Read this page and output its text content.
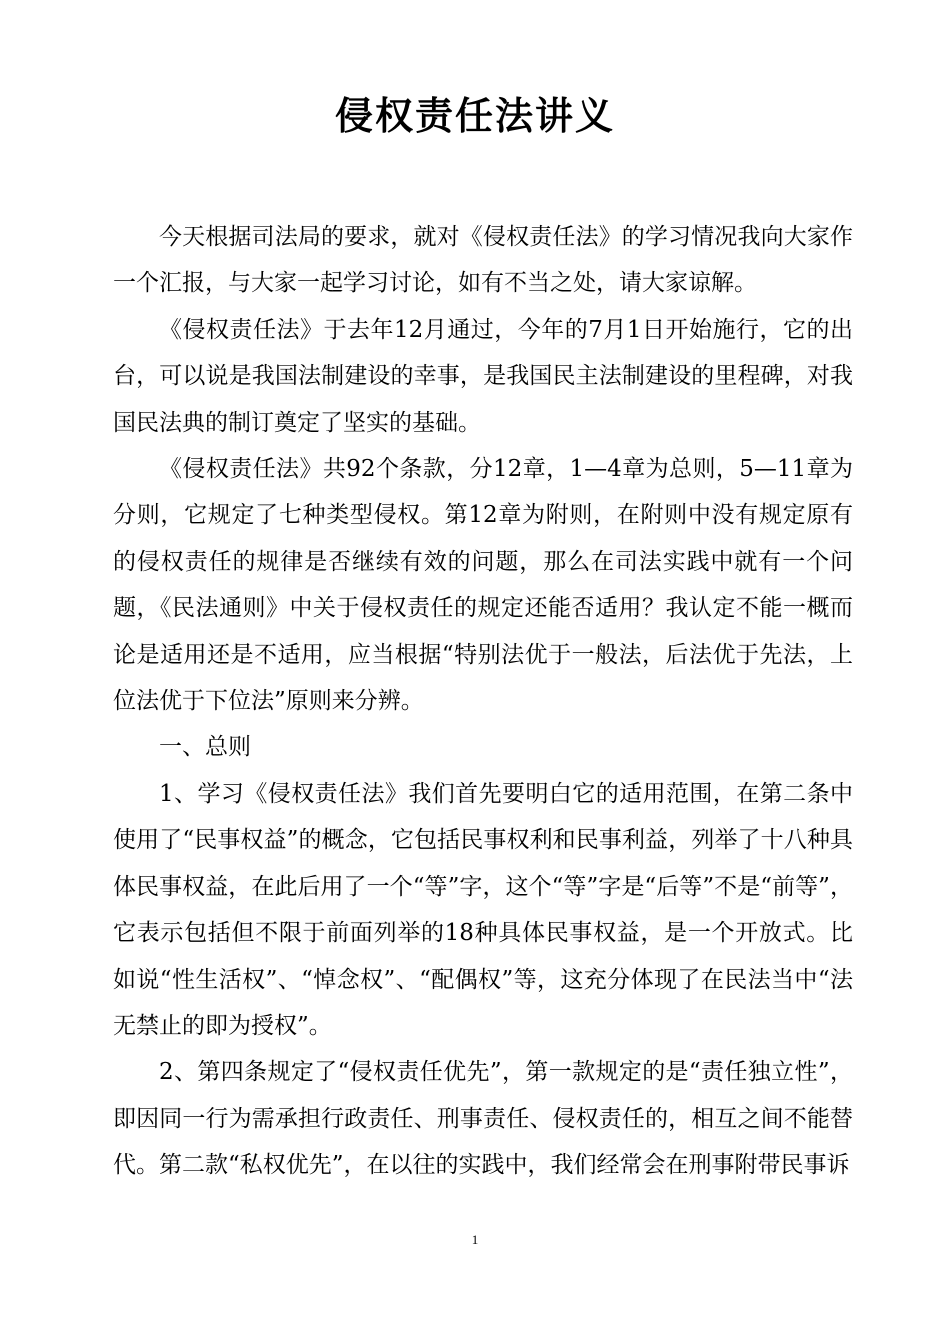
侵权责任法讲义

今天根据司法局的要求，就对《侵权责任法》的学习情况我向大家作一个汇报，与大家一起学习讨论，如有不当之处，请大家谅解。

《侵权责任法》于去年12月通过，今年的7月1日开始施行，它的出台，可以说是我国法制建设的幸事，是我国民主法制建设的里程碑，对我国民法典的制订奠定了坚实的基础。

《侵权责任法》共92个条款，分12章，1—4章为总则，5—11章为分则，它规定了七种类型侵权。第12章为附则，在附则中没有规定原有的侵权责任的规律是否继续有效的问题，那么在司法实践中就有一个问题，《民法通则》中关于侵权责任的规定还能否适用？我认定不能一概而论是适用还是不适用，应当根据“特别法优于一般法，后法优于先法，上位法优于下位法”原则来分辨。

一、总则

1、学习《侵权责任法》我们首先要明白它的适用范围，在第二条中使用了“民事权益”的概念，它包括民事权利和民事利益，列举了十八种具体民事权益，在此后用了一个“等”字，这个“等”字是“后等”不是“前等”，它表示包括但不限于前面列举的18种具体民事权益，是一个开放式。比如说“性生活权”、“悼念权”、“配偶权”等，这充分体现了在民法当中“法无禁止的即为授权”。

2、第四条规定了“侵权责任优先”，第一款规定的是“责任独立性”，即因同一行为需承担行政责任、刑事责任、侵权责任的，相互之间不能替代。第二款“私权优先”，在以往的实践中，我们经常会在刑事附带民事诉

1
